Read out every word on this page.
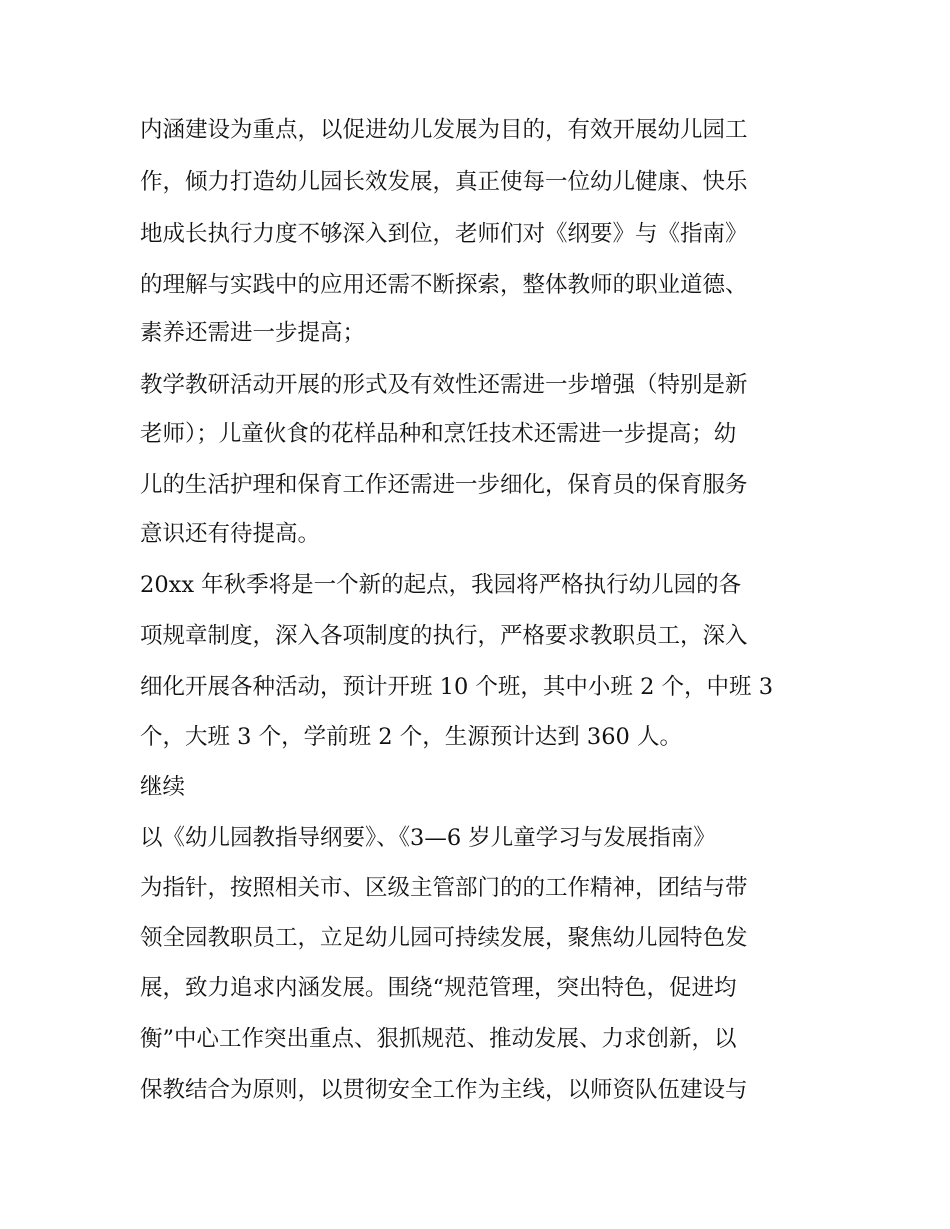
内涵建设为重点，以促进幼儿发展为目的，有效开展幼儿园工

作，倾力打造幼儿园长效发展，真正使每一位幼儿健康、快乐

地成长执行力度不够深入到位，老师们对《纲要》与《指南》

的理解与实践中的应用还需不断探索，整体教师的职业道德、

素养还需进一步提高；

教学教研活动开展的形式及有效性还需进一步增强（特别是新

老师）；儿童伙食的花样品种和烹饪技术还需进一步提高；幼

儿的生活护理和保育工作还需进一步细化，保育员的保育服务

意识还有待提高。

20xx 年秋季将是一个新的起点，我园将严格执行幼儿园的各

项规章制度，深入各项制度的执行，严格要求教职员工，深入

细化开展各种活动，预计开班 10 个班，其中小班 2 个，中班 3

个，大班 3 个，学前班 2 个，生源预计达到 360 人。

继续

以《幼儿园教指导纲要》、《3—6 岁儿童学习与发展指南》

为指针，按照相关市、区级主管部门的的工作精神，团结与带

领全园教职员工，立足幼儿园可持续发展，聚焦幼儿园特色发

展，致力追求内涵发展。围绕“规范管理，突出特色，促进均

衡”中心工作突出重点、狠抓规范、推动发展、力求创新，以

保教结合为原则，以贯彻安全工作为主线，以师资队伍建设与
